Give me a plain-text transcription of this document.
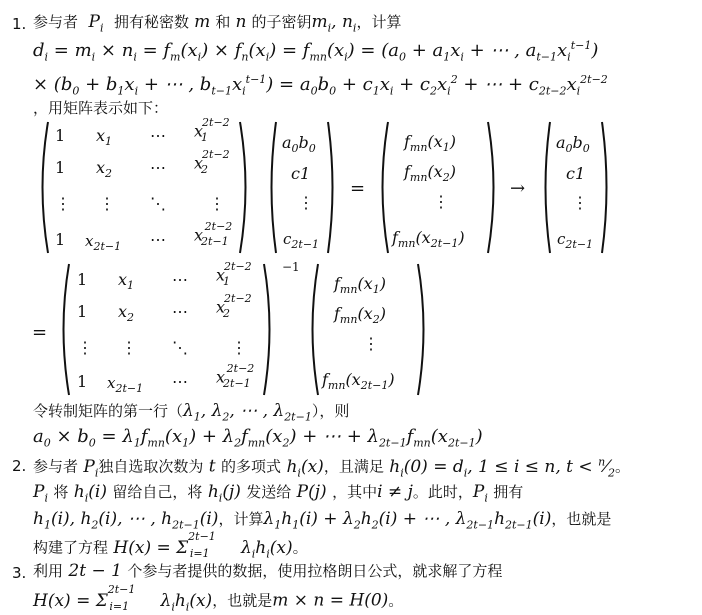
1. 参与者 $P_i$ 拥有秘密数 m 和 n 的子密钥$m_i$, $n_i$，计算
$d_i = m_i \times n_i = f_m(x_i) \times f_n(x_i) = f_{mn}(x_i) = (a_0 + a_1x_i$ + ⋯ , $a_{t-1}x_i^{t-1}$)
× ($b_0 + b_1x_i$ + ⋯ , $b_{t-1}x_i^{t-1}) = a_0b_0 + c_1x_i + c_2x_i^2$ + ⋯ + $c_{2t-2}x_i^{2t-2}$
，用矩阵表示如下：
1 $x_1$ ⋯ $x_1^{2t-2}$
1 $x_2$ ⋯ $x_2^{2t-2}$
⋮ ⋮ ⋱	⋮
1 $x_{2t-1}$ ⋯ $x_{2t-1}^{2t-2}$
$a_0b_0$
c1
⋮
$c_{2t-1}$
=
$f_{mn}(x_1)$
$f_{mn}(x_2)$
⋮
$f_{mn}(x_{2t-1})$
→
$a_0b_0$
c1
⋮
$c_{2t-1}$
=
−1
1 $x_1$ ⋯ $x_1^{2t-2}$
1 $x_2$ ⋯ $x_2^{2t-2}$
⋮ ⋮ ⋱	⋮
1 $x_{2t-1}$ ⋯ $x_{2t-1}^{2t-2}$
$f_{mn}(x_1)$
$f_{mn}(x_2)$
⋮
$f_{mn}(x_{2t-1})$
令转制矩阵的第一行（$\lambda_1$, $\lambda_2$, ⋯ , $\lambda_{2t-1}$），则
$a_0 \times b_0 = \lambda_1f_{mn}(x_1) + \lambda_2f_{mn}(x_2)$ + ⋯ + $\lambda_{2t-1}f_{mn}(x_{2t-1})$
2. 参与者 $P_i$独自选取次数为 t 的多项式 $h_i(x)$，且满足 $h_i(0) = d_i$, 1 ≤ i ≤ n, $t < ^n⁄_2$。
$P_i$ 将 $h_i(i)$ 留给自己，将 $h_i(j)$ 发送给 P(j) ，其中i ≠ j。此时，$P_i$ 拥有
$h_1(i)$, $h_2(i)$, ⋯ , $h_{2t-1}(i)$，计算$\lambda_1h_1(i) + \lambda_2h_2(i)$ + ⋯ , $\lambda_{2t-1}h_{2t-1}(i)$，也就是
构建了方程 $H(x) = \Sigma^{2t-1}_{i=1}$ $\lambda_ih_i(x)$。
3. 利用 2t − 1 个参与者提供的数据，使用拉格朗日公式，就求解了方程
$H(x) = \Sigma^{2t-1}_{i=1}$ $\lambda_ih_i(x)$，也就是m × n = H(0)。
